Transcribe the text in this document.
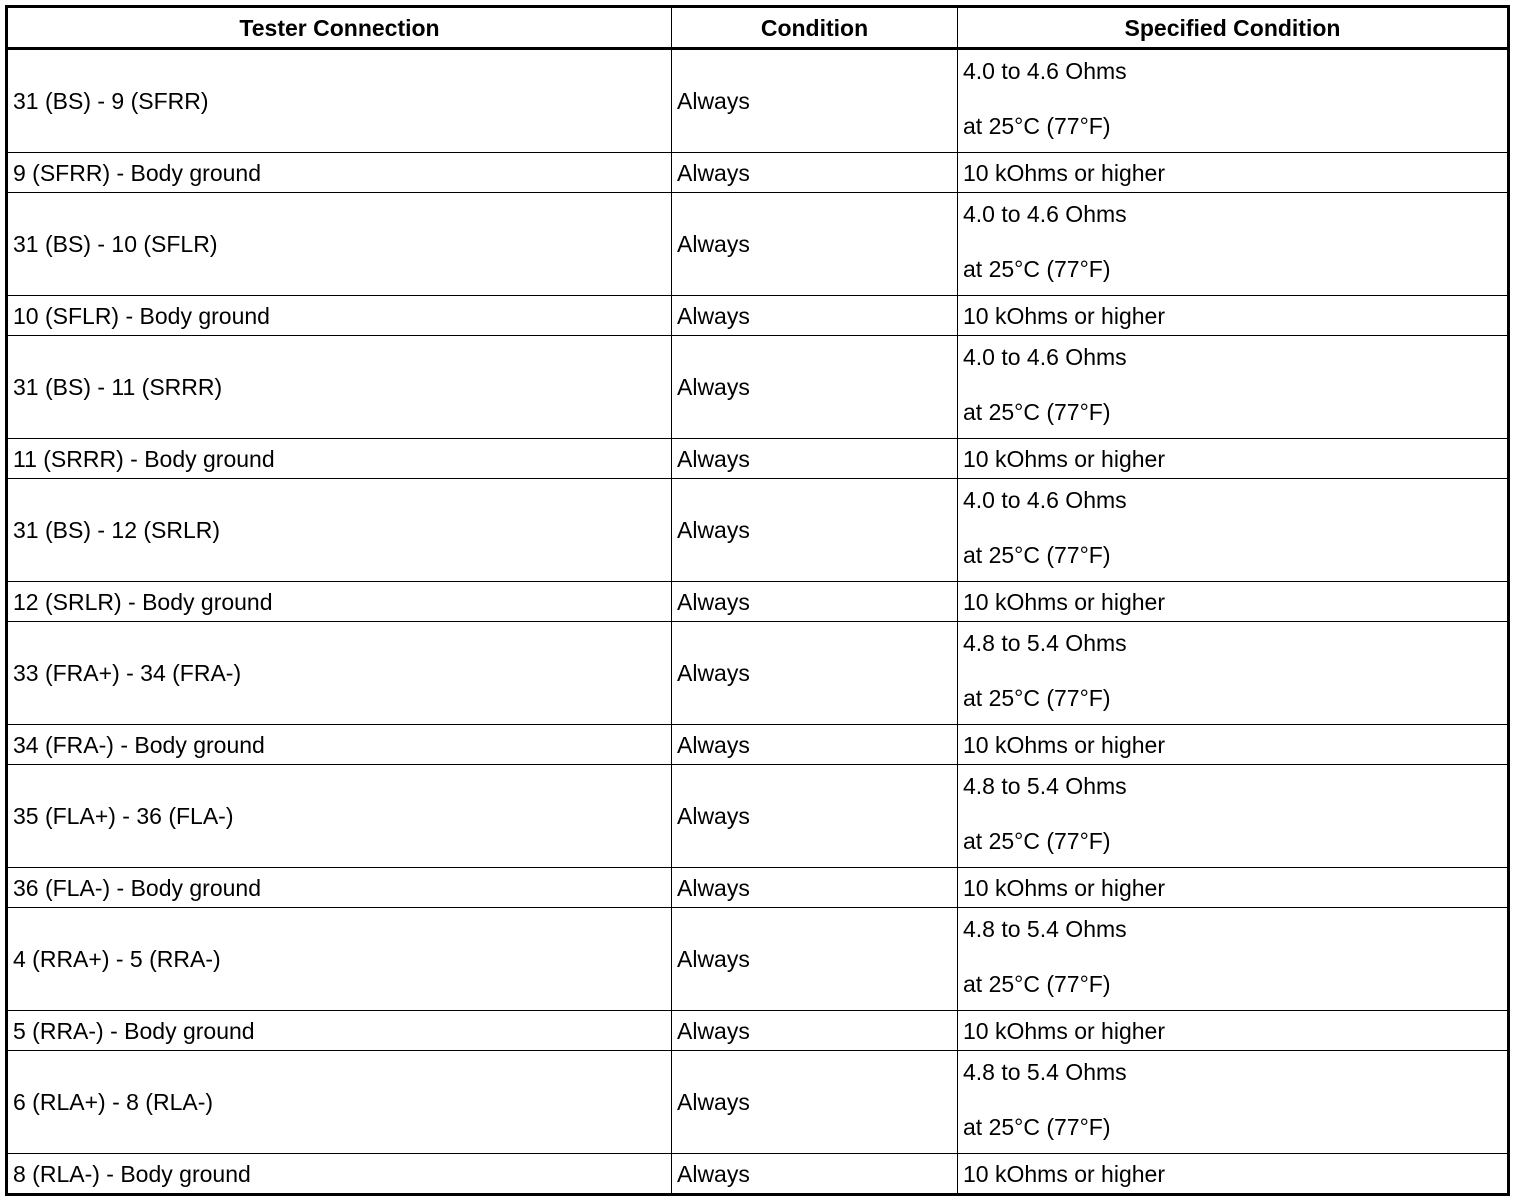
Tester Connection	Condition	Specified Condition
31 (BS) - 9 (SFRR)	Always	4.0 to 4.6 Ohms
at 25°C (77°F)

9 (SFRR) - Body ground	Always	10 kOhms or higher
31 (BS) - 10 (SFLR)	Always	4.0 to 4.6 Ohms
at 25°C (77°F)

10 (SFLR) - Body ground	Always	10 kOhms or higher
31 (BS) - 11 (SRRR)	Always	4.0 to 4.6 Ohms
at 25°C (77°F)

11 (SRRR) - Body ground	Always	10 kOhms or higher
31 (BS) - 12 (SRLR)	Always	4.0 to 4.6 Ohms
at 25°C (77°F)

12 (SRLR) - Body ground	Always	10 kOhms or higher
33 (FRA+) - 34 (FRA-)	Always	4.8 to 5.4 Ohms
at 25°C (77°F)

34 (FRA-) - Body ground	Always	10 kOhms or higher
35 (FLA+) - 36 (FLA-)	Always	4.8 to 5.4 Ohms
at 25°C (77°F)

36 (FLA-) - Body ground	Always	10 kOhms or higher
4 (RRA+) - 5 (RRA-)	Always	4.8 to 5.4 Ohms
at 25°C (77°F)

5 (RRA-) - Body ground	Always	10 kOhms or higher
6 (RLA+) - 8 (RLA-)	Always	4.8 to 5.4 Ohms
at 25°C (77°F)

8 (RLA-) - Body ground	Always	10 kOhms or higher
